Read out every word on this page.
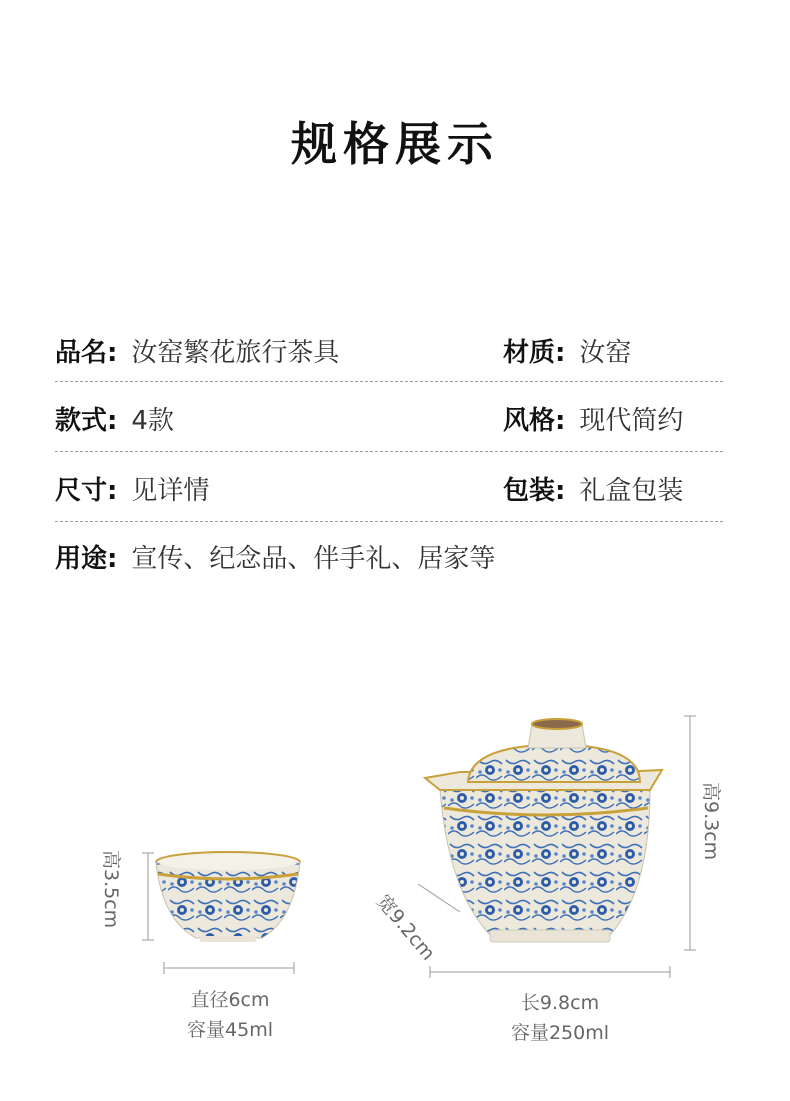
规格展示
品名: 汝窑繁花旅行茶具	材质: 汝窑
款式: 4款	风格: 现代简约
尺寸: 见详情	包装: 礼盒包装
用途: 宣传、纪念品、伴手礼、居家等
高3.5cm
直径6cm
容量45ml
高9.3cm
宽9.2cm
长9.8cm
容量250ml
